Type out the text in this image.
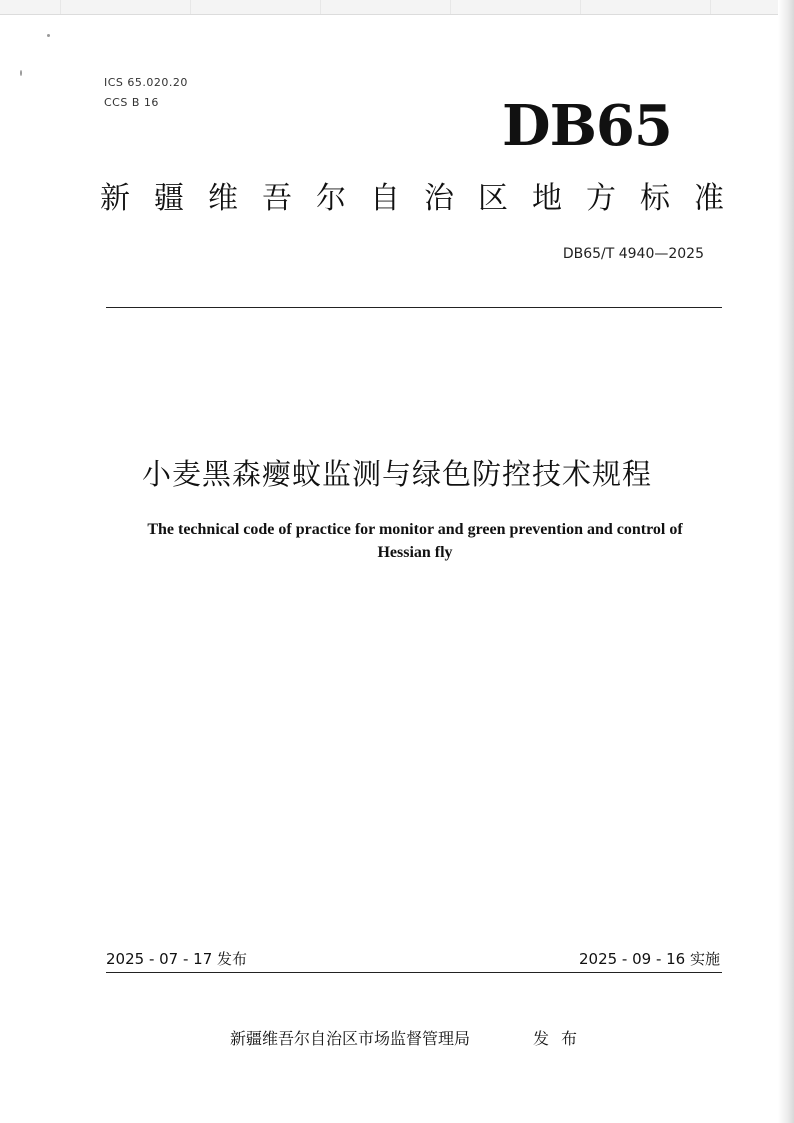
ICS 65.020.20
CCS B 16	DB65
新 疆 维 吾 尔 自 治 区 地 方 标 准
DB65/T 4940—2025
小麦黑森瘿蚊监测与绿色防控技术规程
The technical code of practice for monitor and green prevention and control of
Hessian fly
2025 - 07 - 17 发布	2025 - 09 - 16 实施
新疆维吾尔自治区市场监督管理局	发布
